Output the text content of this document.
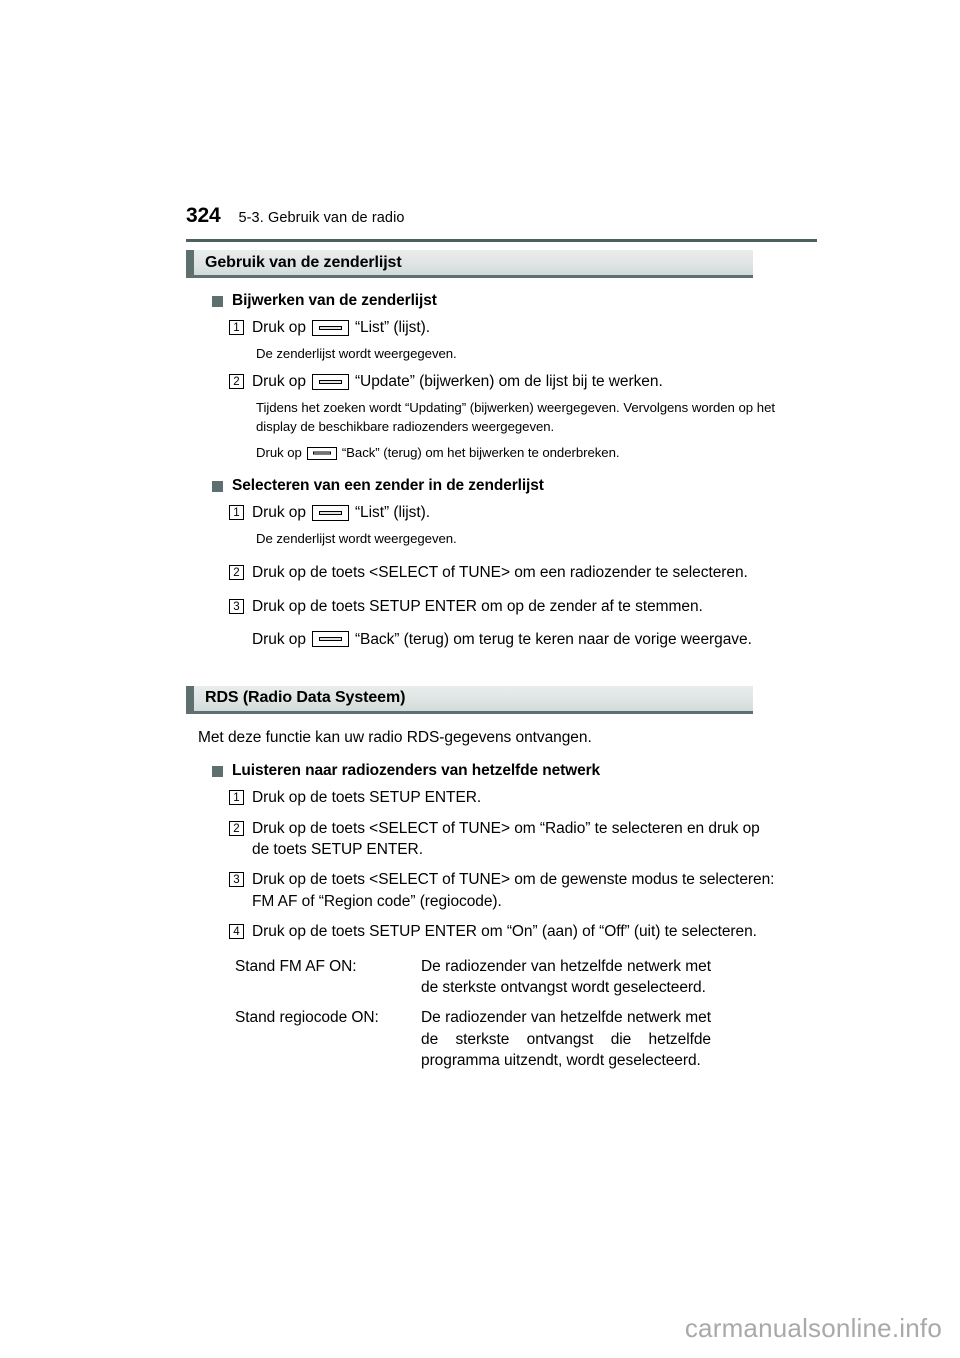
324 5-3. Gebruik van de radio
Gebruik van de zenderlijst
Bijwerken van de zenderlijst
1 Druk op	“List” (lijst).
De zenderlijst wordt weergegeven.
2 Druk op	“Update” (bijwerken) om de lijst bij te werken.
Tijdens het zoeken wordt “Updating” (bijwerken) weergegeven. Vervolgens worden op het display de beschikbare radiozenders weergegeven.
Druk op	“Back” (terug) om het bijwerken te onderbreken.
Selecteren van een zender in de zenderlijst
1 Druk op	“List” (lijst).
De zenderlijst wordt weergegeven.
2 Druk op de toets <SELECT of TUNE> om een radiozender te selecteren.
3 Druk op de toets SETUP ENTER om op de zender af te stemmen.
Druk op	“Back” (terug) om terug te keren naar de vorige weergave.
RDS (Radio Data Systeem)
Met deze functie kan uw radio RDS-gegevens ontvangen.
Luisteren naar radiozenders van hetzelfde netwerk
1 Druk op de toets SETUP ENTER.
2 Druk op de toets <SELECT of TUNE> om “Radio” te selecteren en druk op de toets SETUP ENTER.
3 Druk op de toets <SELECT of TUNE> om de gewenste modus te selecteren: FM AF of “Region code” (regiocode).
4 Druk op de toets SETUP ENTER om “On” (aan) of “Off” (uit) te selecteren.
Stand FM AF ON:	De radiozender van hetzelfde netwerk met de sterkste ontvangst wordt geselecteerd.
Stand regiocode ON:	De radiozender van hetzelfde netwerk met de sterkste ontvangst die hetzelfde programma uitzendt, wordt geselecteerd.
carmanualsonline.info
